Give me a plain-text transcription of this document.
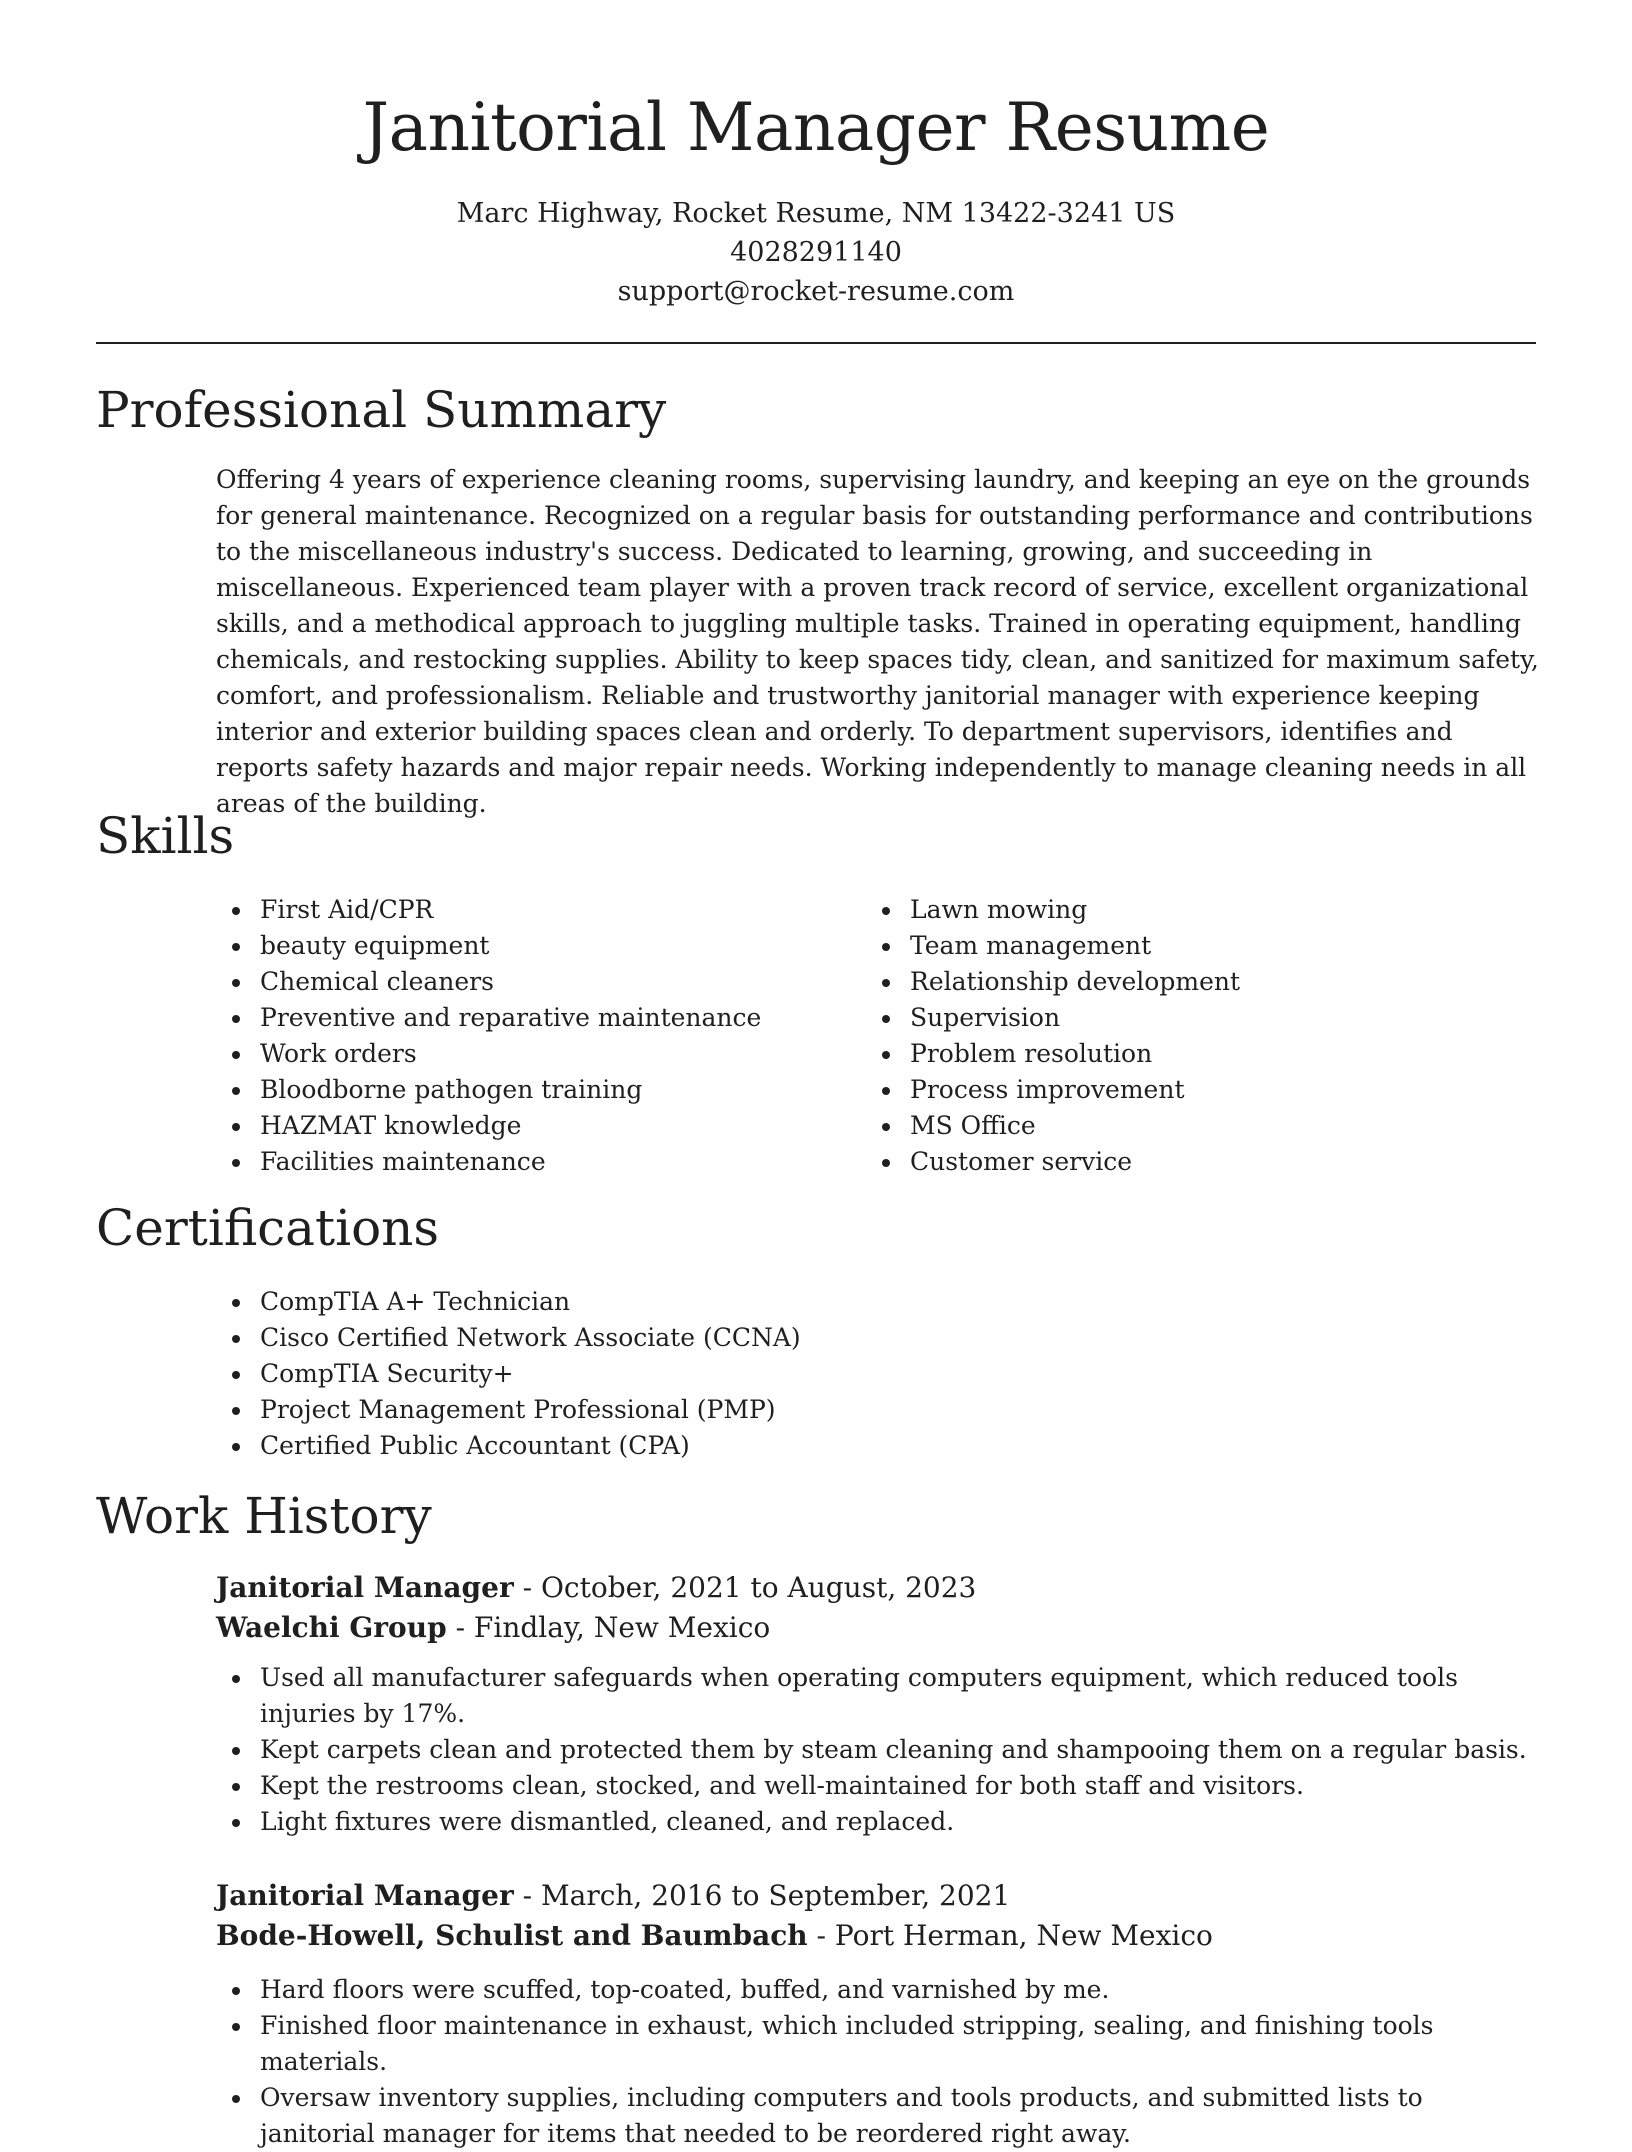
Janitorial Manager Resume
Marc Highway, Rocket Resume, NM 13422-3241 US
4028291140
support@rocket-resume.com
Professional Summary

Offering 4 years of experience cleaning rooms, supervising laundry, and keeping an eye on the grounds for general maintenance. Recognized on a regular basis for outstanding performance and contributions to the miscellaneous industry's success. Dedicated to learning, growing, and succeeding in miscellaneous. Experienced team player with a proven track record of service, excellent organizational skills, and a methodical approach to juggling multiple tasks. Trained in operating equipment, handling chemicals, and restocking supplies. Ability to keep spaces tidy, clean, and sanitized for maximum safety, comfort, and professionalism. Reliable and trustworthy janitorial manager with experience keeping interior and exterior building spaces clean and orderly. To department supervisors, identifies and reports safety hazards and major repair needs. Working independently to manage cleaning needs in all areas of the building.

Skills
First Aid/CPR
beauty equipment
Chemical cleaners
Preventive and reparative maintenance
Work orders
Bloodborne pathogen training
HAZMAT knowledge
Facilities maintenance
Lawn mowing
Team management
Relationship development
Supervision
Problem resolution
Process improvement
MS Office
Customer service
Certifications
CompTIA A+ Technician
Cisco Certified Network Associate (CCNA)
CompTIA Security+
Project Management Professional (PMP)
Certified Public Accountant (CPA)
Work History
Janitorial Manager - October, 2021 to August, 2023
Waelchi Group - Findlay, New Mexico
Used all manufacturer safeguards when operating computers equipment, which reduced tools injuries by 17%.
Kept carpets clean and protected them by steam cleaning and shampooing them on a regular basis.
Kept the restrooms clean, stocked, and well-maintained for both staff and visitors.
Light fixtures were dismantled, cleaned, and replaced.
Janitorial Manager - March, 2016 to September, 2021
Bode-Howell, Schulist and Baumbach - Port Herman, New Mexico
Hard floors were scuffed, top-coated, buffed, and varnished by me.
Finished floor maintenance in exhaust, which included stripping, sealing, and finishing tools materials.
Oversaw inventory supplies, including computers and tools products, and submitted lists to janitorial manager for items that needed to be reordered right away.
